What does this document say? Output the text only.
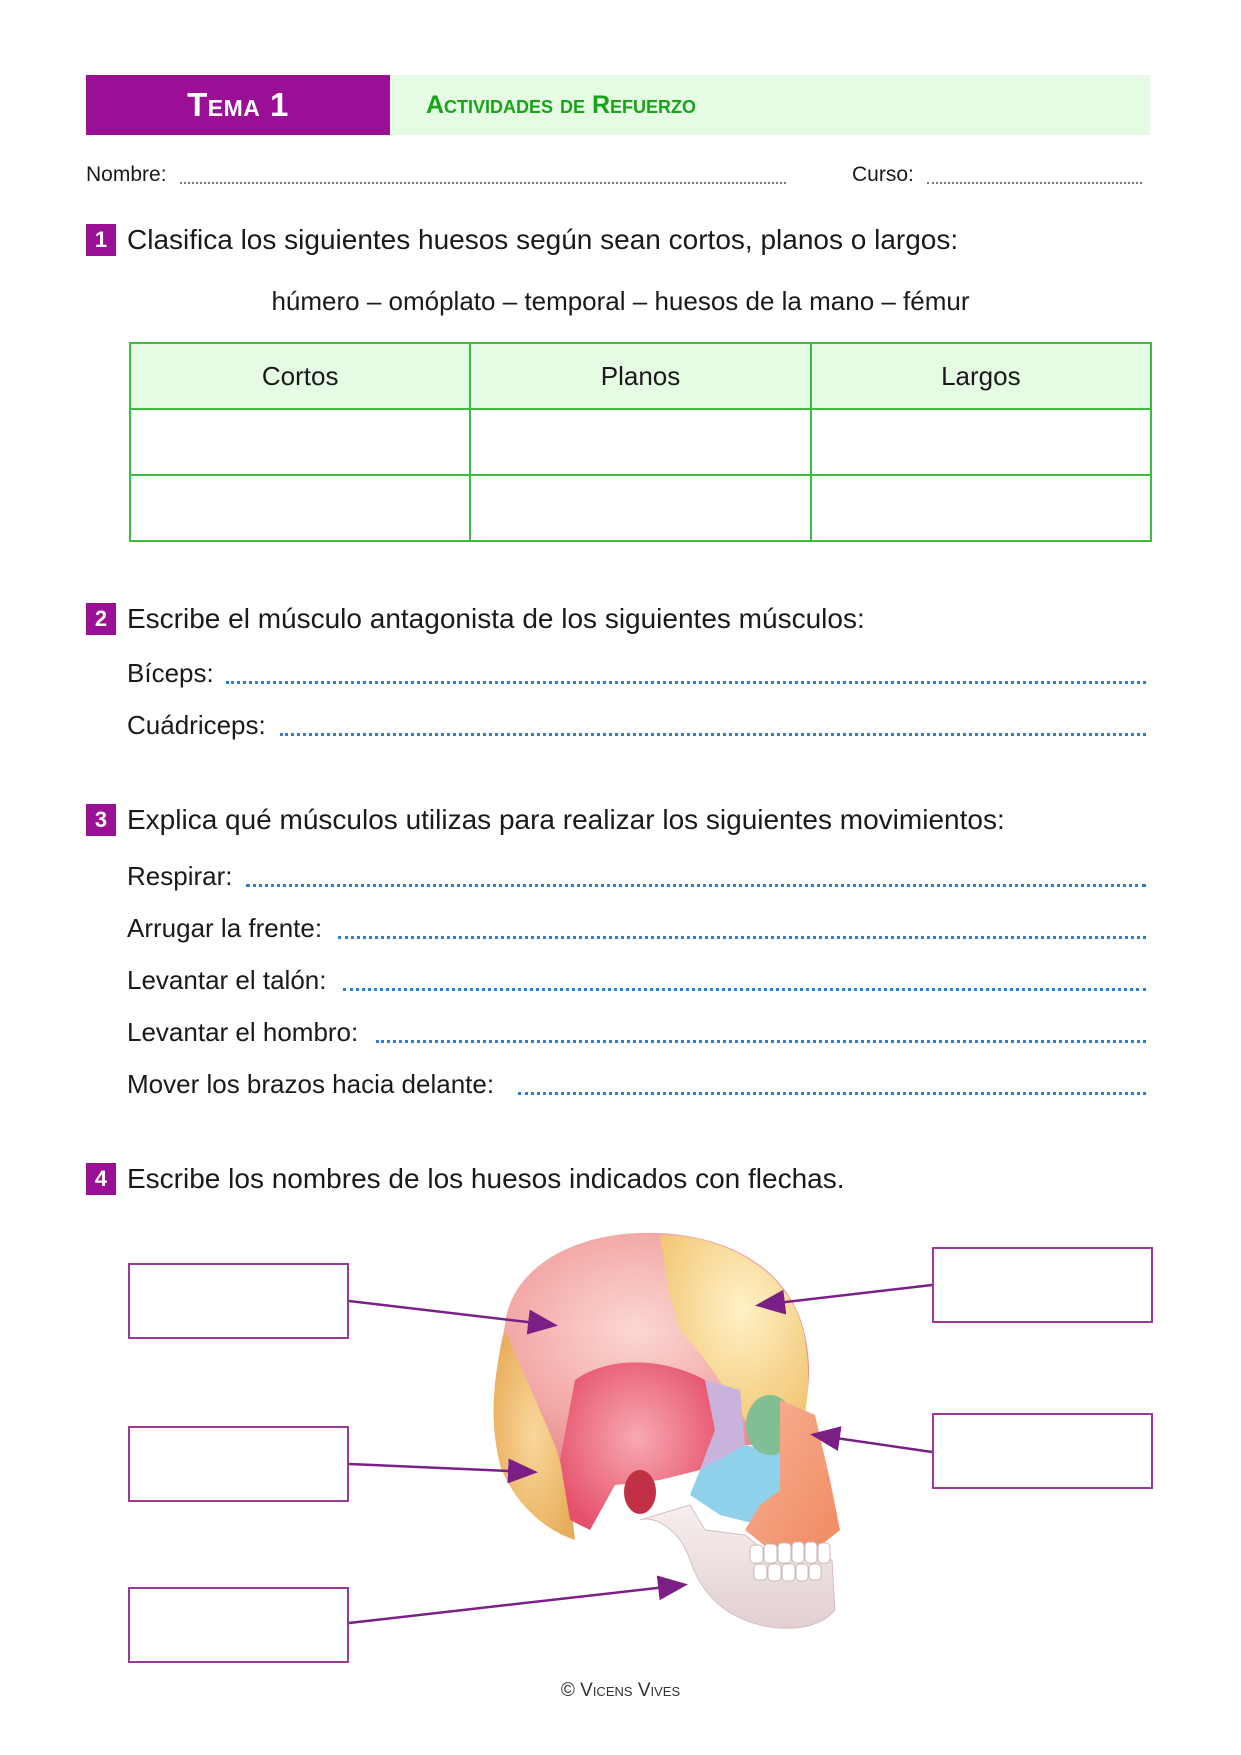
Tema 1	Actividades de Refuerzo
Nombre:	Curso:
1 Clasifica los siguientes huesos según sean cortos, planos o largos:
húmero – omóplato – temporal – huesos de la mano – fémur
Cortos	Planos	Largos

2 Escribe el músculo antagonista de los siguientes músculos:
Bíceps:
Cuádriceps:
3 Explica qué músculos utilizas para realizar los siguientes movimientos:
Respirar:
Arrugar la frente:
Levantar el talón:
Levantar el hombro:
Mover los brazos hacia delante:
4 Escribe los nombres de los huesos indicados con flechas.
© Vicens Vives
